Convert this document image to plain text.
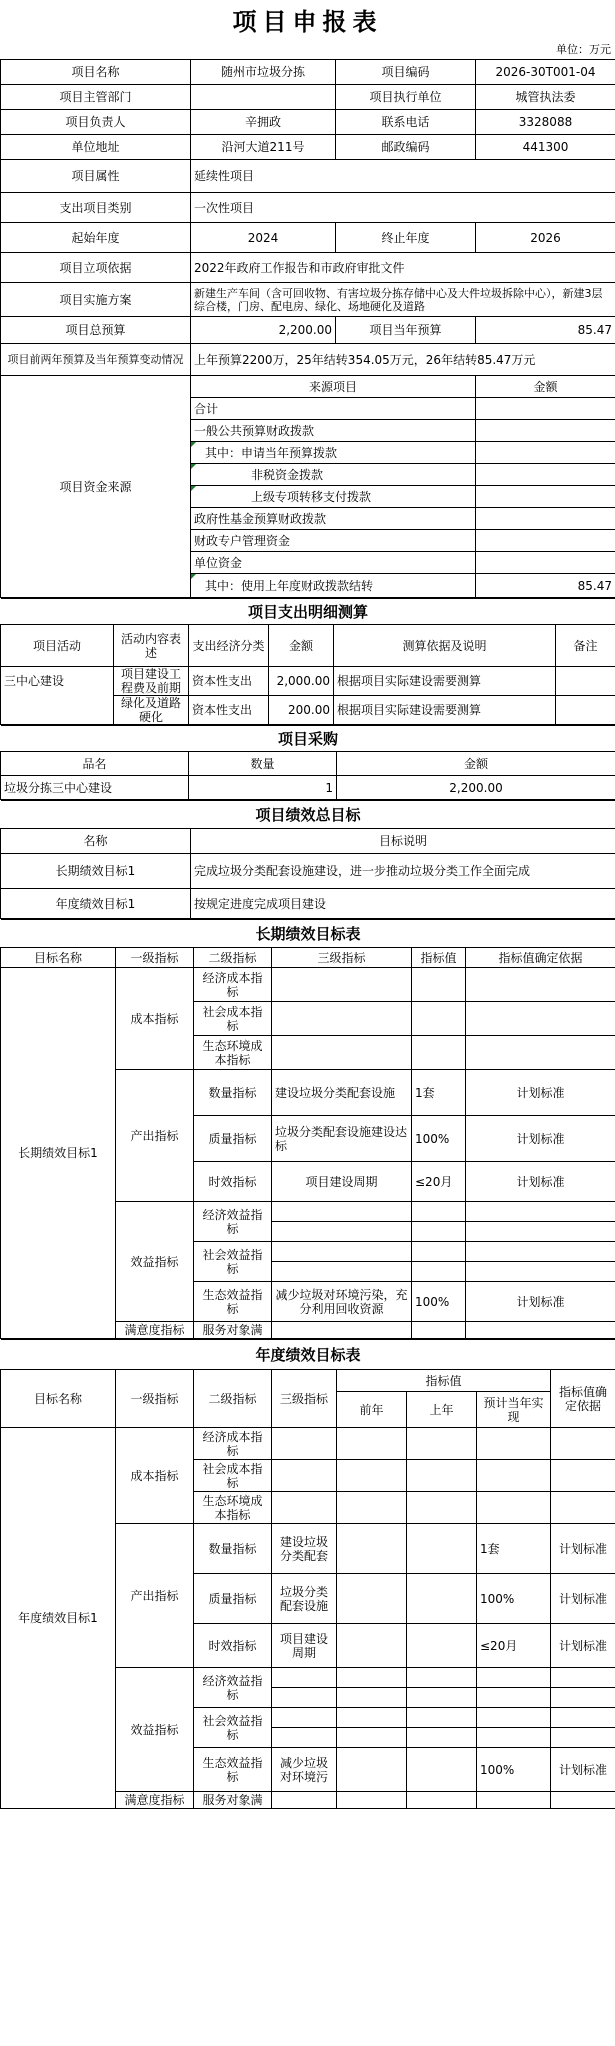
项目申报表
单位：万元
项目名称	随州市垃圾分拣	项目编码	2026-30T001-04
项目主管部门		项目执行单位	城管执法委
项目负责人	辛拥政	联系电话	3328088
单位地址	沿河大道211号	邮政编码	441300
项目属性	延续性项目		
支出项目类别	一次性项目		
起始年度	2024	终止年度	2026
项目立项依据	2022年政府工作报告和市政府审批文件		
项目实施方案	新建生产车间（含可回收物、有害垃圾分拣存储中心及大件垃圾拆除中心），新建3层综合楼，门房、配电房、绿化、场地硬化及道路		
项目总预算	2,200.00	项目当年预算	85.47
项目前两年预算及当年预算变动情况	上年预算2200万，25年结转354.05万元，26年结转85.47万元		
项目资金来源	来源项目		金额
	合计		
	一般公共预算财政拨款		
	其中：申请当年预算拨款		
	非税资金拨款		
	上级专项转移支付拨款		
	政府性基金预算财政拨款		
	财政专户管理资金		
	单位资金		
	其中：使用上年度财政拨款结转		85.47
项目支出明细测算					
项目活动	活动内容表述	支出经济分类	金额	测算依据及说明	备注
三中心建设	项目建设工程费及前期	资本性支出	2,000.00	根据项目实际建设需要测算	

	绿化及道路硬化	资本性支出	200.00	根据项目实际建设需要测算	
项目采购		
品名	数量	金额
垃圾分拣三中心建设	1	2,200.00
项目绩效总目标	
名称	目标说明
长期绩效目标1	完成垃圾分类配套设施建设，进一步推动垃圾分类工作全面完成
年度绩效目标1	按规定进度完成项目建设
长期绩效目标表					
目标名称	一级指标	二级指标	三级指标	指标值	指标值确定依据
长期绩效目标1	成本指标	经济成本指标			
		社会成本指标			
		生态环境成本指标			
	产出指标	数量指标	建设垃圾分类配套设施	1套	计划标准
		质量指标	垃圾分类配套设施建设达标	100%	计划标准
		时效指标	项目建设周期	≤20月	计划标准
	效益指标	经济效益指标			

		社会效益指标			

		生态效益指标	减少垃圾对环境污染，充分利用回收资源	100%	计划标准
	满意度指标	服务对象满			
年度绩效目标表							
目标名称	一级指标	二级指标	三级指标	指标值			指标值确定依据
				前年	上年	预计当年实现	
年度绩效目标1	成本指标	经济成本指标					
		社会成本指标					
		生态环境成本指标					
	产出指标	数量指标	建设垃圾分类配套			1套	计划标准
		质量指标	垃圾分类配套设施			100%	计划标准
		时效指标	项目建设周期			≤20月	计划标准
	效益指标	经济效益指标					

		社会效益指标					

		生态效益指标	减少垃圾对环境污			100%	计划标准
	满意度指标	服务对象满					
